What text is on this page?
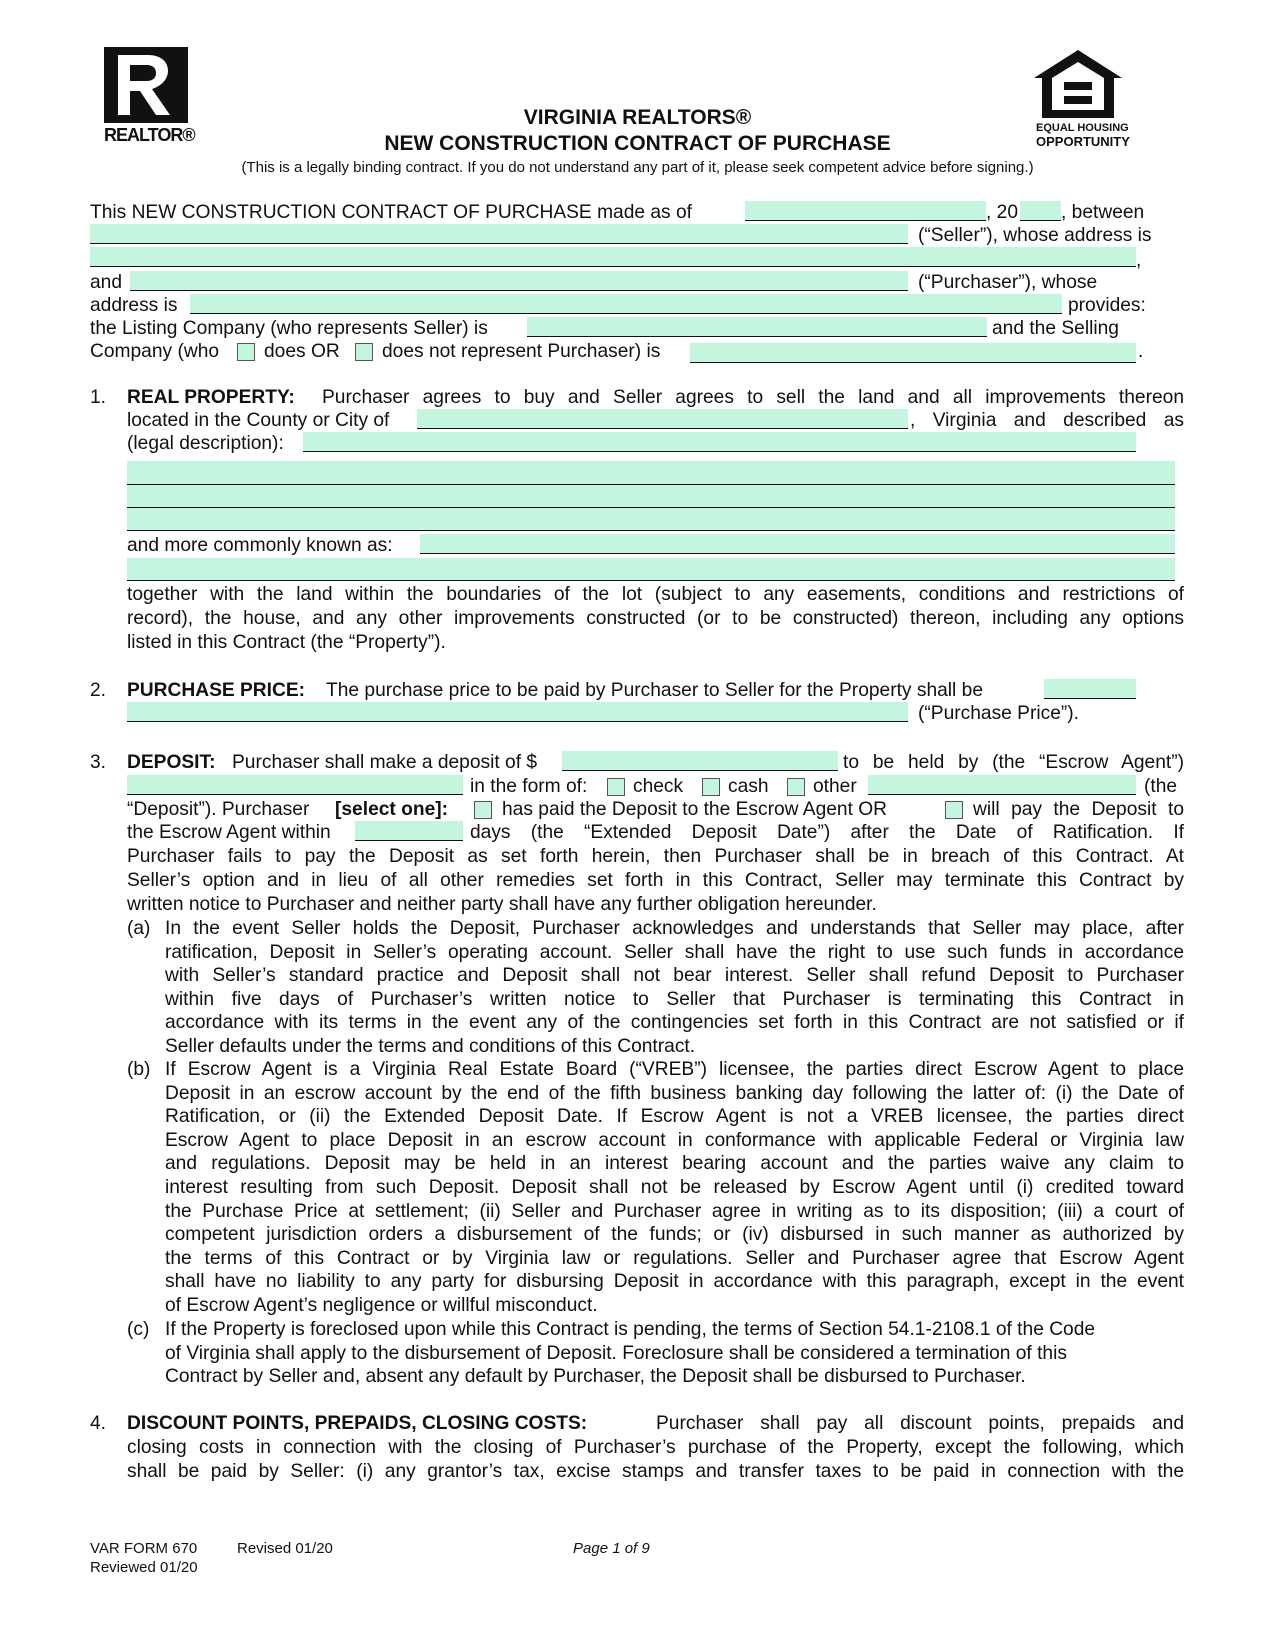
REALTOR®	EQUAL HOUSING
OPPORTUNITY
VIRGINIA REALTORS®
NEW CONSTRUCTION CONTRACT OF PURCHASE
(This is a legally binding contract. If you do not understand any part of it, please seek competent advice before signing.)
This NEW CONSTRUCTION CONTRACT OF PURCHASE made as of	, 20 , between
(“Seller”), whose address is
,
and	(“Purchaser”), whose
address is	provides:
the Listing Company (who represents Seller) is	and the Selling
Company (who does OR does not represent Purchaser) is	.
1. REAL PROPERTY: Purchaser agrees to buy and Seller agrees to sell the land and all improvements thereon
located in the County or City of	, Virginia and described as
(legal description):
and more commonly known as:
together with the land within the boundaries of the lot (subject to any easements, conditions and restrictions of
record), the house, and any other improvements constructed (or to be constructed) thereon, including any options
listed in this Contract (the “Property”).
2. PURCHASE PRICE: The purchase price to be paid by Purchaser to Seller for the Property shall be
(“Purchase Price”).
3. DEPOSIT: Purchaser shall make a deposit of $	to be held by (the “Escrow Agent”)
in the form of: check cash other	(the
“Deposit”). Purchaser [select one]:	has paid the Deposit to the Escrow Agent OR	will pay the Deposit to
the Escrow Agent within	days (the “Extended Deposit Date”) after the Date of Ratification. If
Purchaser fails to pay the Deposit as set forth herein, then Purchaser shall be in breach of this Contract. At
Seller’s option and in lieu of all other remedies set forth in this Contract, Seller may terminate this Contract by
written notice to Purchaser and neither party shall have any further obligation hereunder.
(a) In the event Seller holds the Deposit, Purchaser acknowledges and understands that Seller may place, after
ratification, Deposit in Seller’s operating account. Seller shall have the right to use such funds in accordance
with Seller’s standard practice and Deposit shall not bear interest. Seller shall refund Deposit to Purchaser
within five days of Purchaser’s written notice to Seller that Purchaser is terminating this Contract in
accordance with its terms in the event any of the contingencies set forth in this Contract are not satisfied or if
Seller defaults under the terms and conditions of this Contract.
(b) If Escrow Agent is a Virginia Real Estate Board (“VREB”) licensee, the parties direct Escrow Agent to place
Deposit in an escrow account by the end of the fifth business banking day following the latter of: (i) the Date of
Ratification, or (ii) the Extended Deposit Date. If Escrow Agent is not a VREB licensee, the parties direct
Escrow Agent to place Deposit in an escrow account in conformance with applicable Federal or Virginia law
and regulations. Deposit may be held in an interest bearing account and the parties waive any claim to
interest resulting from such Deposit. Deposit shall not be released by Escrow Agent until (i) credited toward
the Purchase Price at settlement; (ii) Seller and Purchaser agree in writing as to its disposition; (iii) a court of
competent jurisdiction orders a disbursement of the funds; or (iv) disbursed in such manner as authorized by
the terms of this Contract or by Virginia law or regulations. Seller and Purchaser agree that Escrow Agent
shall have no liability to any party for disbursing Deposit in accordance with this paragraph, except in the event
of Escrow Agent’s negligence or willful misconduct.
(c) If the Property is foreclosed upon while this Contract is pending, the terms of Section 54.1-2108.1 of the Code
of Virginia shall apply to the disbursement of Deposit. Foreclosure shall be considered a termination of this
Contract by Seller and, absent any default by Purchaser, the Deposit shall be disbursed to Purchaser.
4. DISCOUNT POINTS, PREPAIDS, CLOSING COSTS:	Purchaser shall pay all discount points, prepaids and
closing costs in connection with the closing of Purchaser’s purchase of the Property, except the following, which
shall be paid by Seller: (i) any grantor’s tax, excise stamps and transfer taxes to be paid in connection with the
VAR FORM 670	Revised 01/20
Reviewed 01/20
Page 1 of 9
